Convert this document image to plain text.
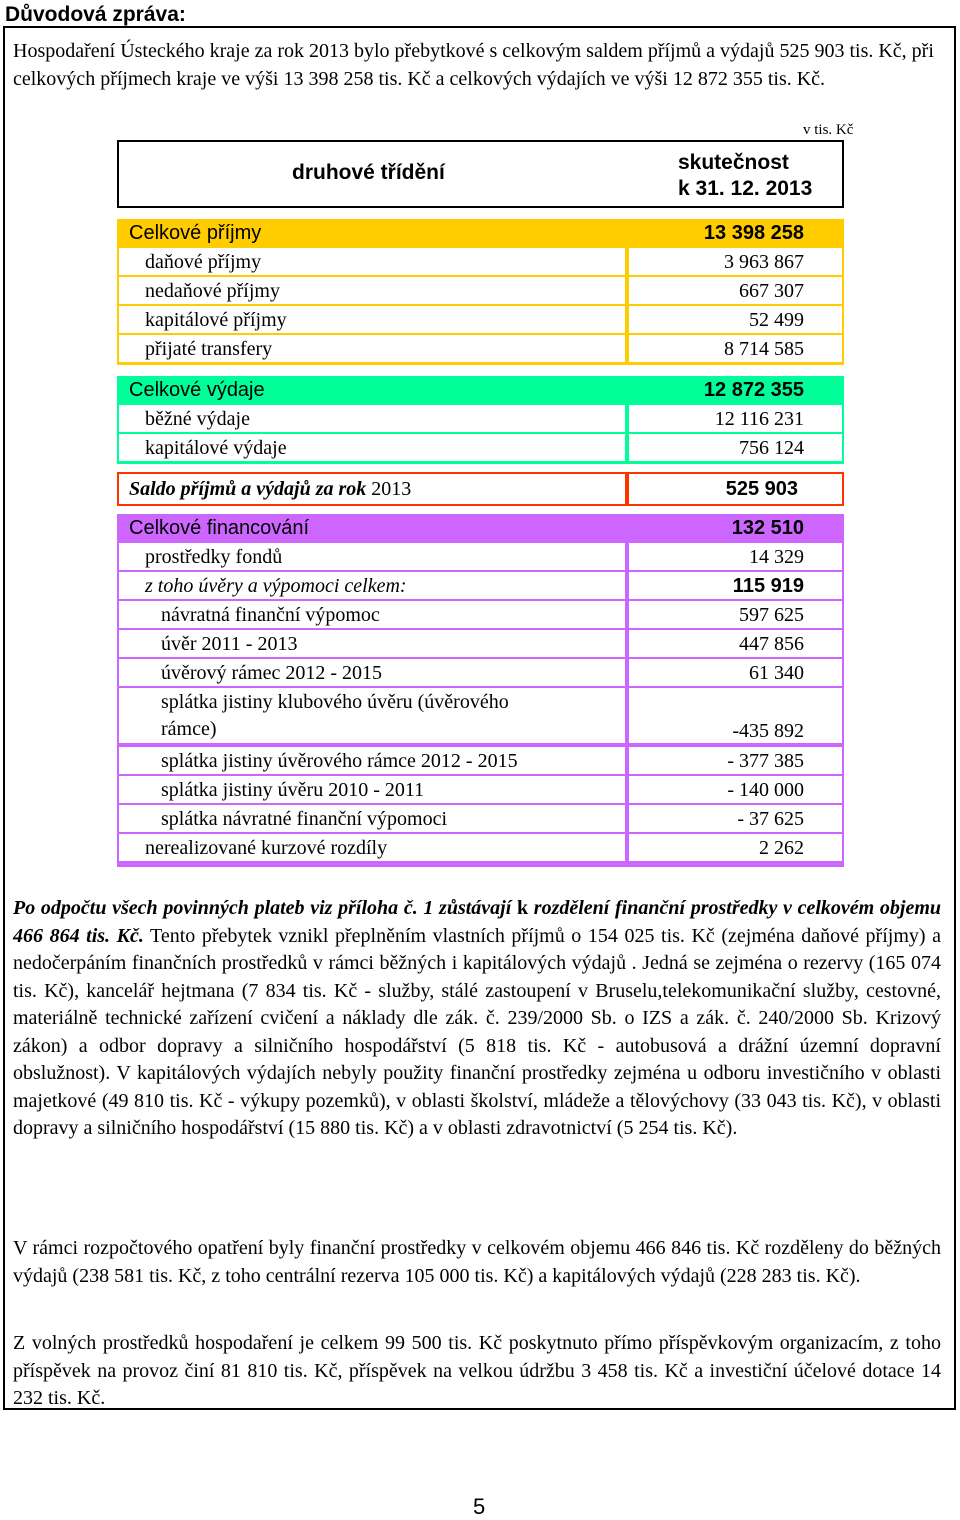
Důvodová zpráva:
Hospodaření Ústeckého kraje za rok 2013 bylo přebytkové s celkovým saldem příjmů a výdajů 525 903 tis. Kč, při celkových příjmech kraje ve výši 13 398 258 tis. Kč a celkových výdajích ve výši 12 872 355 tis. Kč.
v tis. Kč
druhové třídění	skutečnost
k 31. 12. 2013
Celkové příjmy	13 398 258
daňové příjmy	3 963 867
nedaňové příjmy	667 307
kapitálové příjmy	52 499
přijaté transfery	8 714 585
Celkové výdaje	12 872 355
běžné výdaje	12 116 231
kapitálové výdaje	756 124
Saldo příjmů a výdajů za rok 2013	525 903
Celkové financování	132 510
prostředky fondů	14 329
z toho úvěry a výpomoci celkem:	115 919
návratná finanční výpomoc	597 625
úvěr 2011 - 2013	447 856
úvěrový rámec 2012 - 2015	61 340
splátka jistiny klubového úvěru (úvěrového
rámce)	-435 892
splátka jistiny úvěrového rámce 2012 - 2015	- 377 385
splátka jistiny úvěru 2010 - 2011	- 140 000
splátka návratné finanční výpomoci	- 37 625
nerealizované kurzové rozdíly	2 262
Po odpočtu všech povinných plateb viz příloha č. 1 zůstávají k rozdělení finanční prostředky v celkovém objemu 466 864 tis. Kč. Tento přebytek vznikl přeplněním vlastních příjmů o 154 025 tis. Kč (zejména daňové příjmy) a nedočerpáním finančních prostředků v rámci běžných i kapitálových výdajů . Jedná se zejména o rezervy (165 074 tis. Kč), kancelář hejtmana (7 834 tis. Kč - služby, stálé zastoupení v Bruselu,telekomunikační služby, cestovné, materiálně technické zařízení cvičení a náklady dle zák. č. 239/2000 Sb. o IZS a zák. č. 240/2000 Sb. Krizový zákon) a odbor dopravy a silničního hospodářství (5 818 tis. Kč - autobusová a drážní územní dopravní obslužnost). V kapitálových výdajích nebyly použity finanční prostředky zejména u odboru investičního v oblasti majetkové (49 810 tis. Kč - výkupy pozemků), v oblasti školství, mládeže a tělovýchovy (33 043 tis. Kč), v oblasti dopravy a silničního hospodářství (15 880 tis. Kč) a v oblasti zdravotnictví (5 254 tis. Kč).
V rámci rozpočtového opatření byly finanční prostředky v celkovém objemu 466 846 tis. Kč rozděleny do běžných výdajů (238 581 tis. Kč, z toho centrální rezerva 105 000 tis. Kč) a kapitálových výdajů (228 283 tis. Kč).
Z volných prostředků hospodaření je celkem 99 500 tis. Kč poskytnuto přímo příspěvkovým organizacím, z toho příspěvek na provoz činí 81 810 tis. Kč, příspěvek na velkou údržbu 3 458 tis. Kč a investiční účelové dotace 14 232 tis. Kč.
5
